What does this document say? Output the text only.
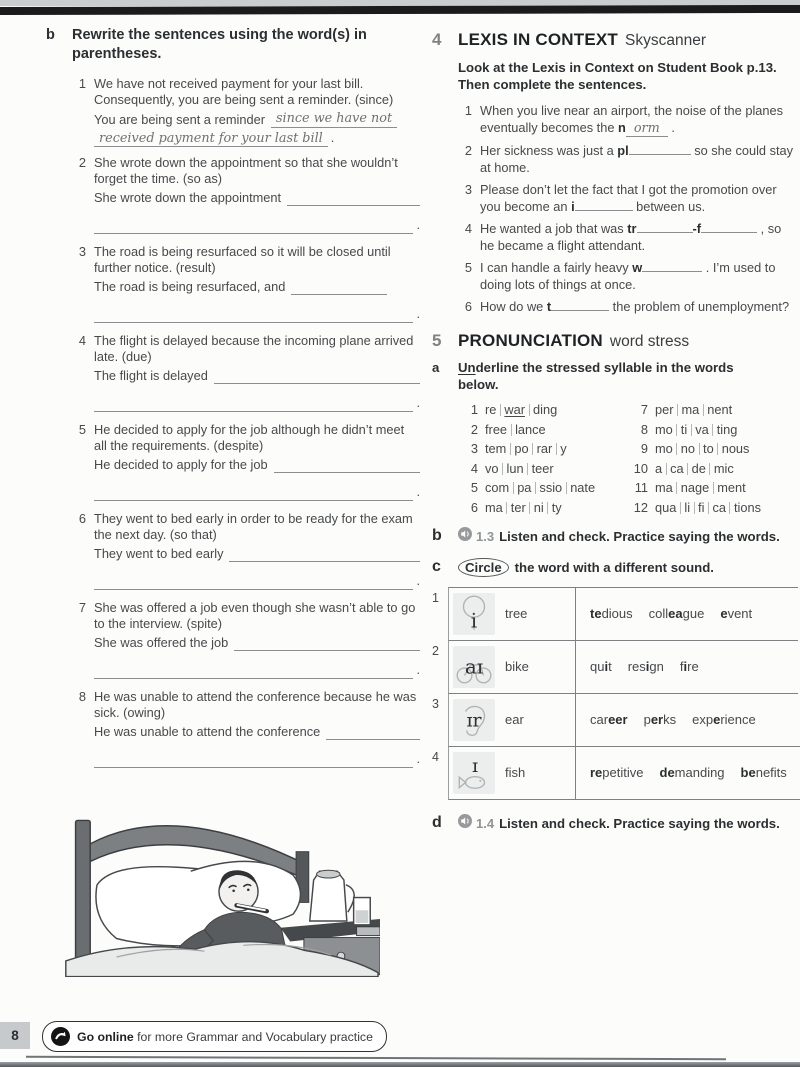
b	Rewrite the sentences using the word(s) in parentheses.
1 We have not received payment for your last bill. Consequently, you are being sent a reminder. (since)
You are being sent a reminder since we have not
received payment for your last bill .
2 She wrote down the appointment so that she wouldn’t forget the time. (so as)
She wrote down the appointment
.
3 The road is being resurfaced so it will be closed until further notice. (result)
The road is being resurfaced, and
.
4 The flight is delayed because the incoming plane arrived late. (due)
The flight is delayed
.
5 He decided to apply for the job although he didn’t meet all the requirements. (despite)
He decided to apply for the job
.
6 They went to bed early in order to be ready for the exam the next day. (so that)
They went to bed early
.
7 She was offered a job even though she wasn’t able to go to the interview. (spite)
She was offered the job
.
8 He was unable to attend the conference because he was sick. (owing)
He was unable to attend the conference
.
4 LEXIS IN CONTEXT Skyscanner
Look at the Lexis in Context on Student Book p.13. Then complete the sentences.
1 When you live near an airport, the noise of the planes eventually becomes the n orm .
2 Her sickness was just a pl	so she could stay at home.
3 Please don’t let the fact that I got the promotion over you become an i	between us.
4 He wanted a job that was tr	-f	, so he became a flight attendant.
5 I can handle a fairly heavy w	. I’m used to doing lots of things at once.
6 How do we t	the problem of unemployment?
5 PRONUNCIATION word stress
a	Underline the stressed syllable in the words below.
1 re war ding
2 free lance
3 tem po rar y
4 vo lun teer
5 com pa ssio nate
6 ma ter ni ty
7 per ma nent
8 mo ti va ting
9 mo no to nous
10 a ca de mic
11 ma nage ment
12 qua li fi ca tions
b	1.3 Listen and check. Practice saying the words.
c	Circle the word with a different sound.
1
i tree	tedious colleague event
2
aɪ bike	quit resign fire
3
ɪr ear	career perks experience
4	ɪ fish	repetitive demanding benefits
d	1.4 Listen and check. Practice saying the words.
8	Go online for more Grammar and Vocabulary practice
